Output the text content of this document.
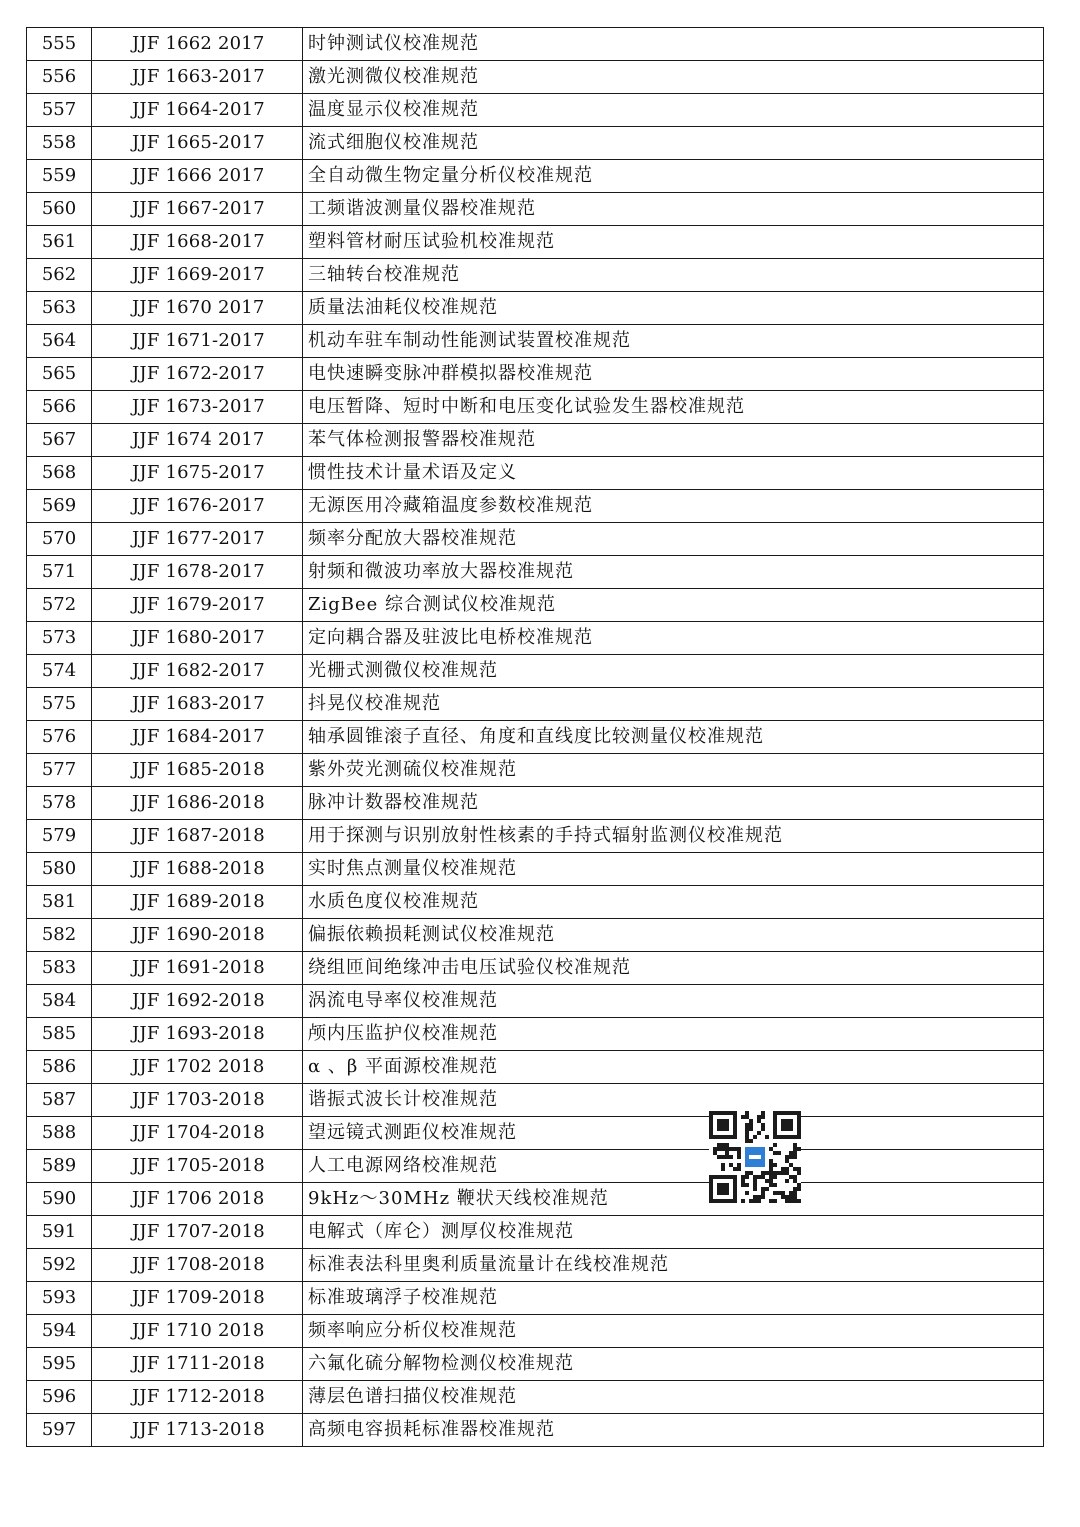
555	JJF 1662 2017	时钟测试仪校准规范
556	JJF 1663-2017	激光测微仪校准规范
557	JJF 1664-2017	温度显示仪校准规范
558	JJF 1665-2017	流式细胞仪校准规范
559	JJF 1666 2017	全自动微生物定量分析仪校准规范
560	JJF 1667-2017	工频谐波测量仪器校准规范
561	JJF 1668-2017	塑料管材耐压试验机校准规范
562	JJF 1669-2017	三轴转台校准规范
563	JJF 1670 2017	质量法油耗仪校准规范
564	JJF 1671-2017	机动车驻车制动性能测试装置校准规范
565	JJF 1672-2017	电快速瞬变脉冲群模拟器校准规范
566	JJF 1673-2017	电压暂降、短时中断和电压变化试验发生器校准规范
567	JJF 1674 2017	苯气体检测报警器校准规范
568	JJF 1675-2017	惯性技术计量术语及定义
569	JJF 1676-2017	无源医用冷藏箱温度参数校准规范
570	JJF 1677-2017	频率分配放大器校准规范
571	JJF 1678-2017	射频和微波功率放大器校准规范
572	JJF 1679-2017	ZigBee 综合测试仪校准规范
573	JJF 1680-2017	定向耦合器及驻波比电桥校准规范
574	JJF 1682-2017	光栅式测微仪校准规范
575	JJF 1683-2017	抖晃仪校准规范
576	JJF 1684-2017	轴承圆锥滚子直径、角度和直线度比较测量仪校准规范
577	JJF 1685-2018	紫外荧光测硫仪校准规范
578	JJF 1686-2018	脉冲计数器校准规范
579	JJF 1687-2018	用于探测与识别放射性核素的手持式辐射监测仪校准规范
580	JJF 1688-2018	实时焦点测量仪校准规范
581	JJF 1689-2018	水质色度仪校准规范
582	JJF 1690-2018	偏振依赖损耗测试仪校准规范
583	JJF 1691-2018	绕组匝间绝缘冲击电压试验仪校准规范
584	JJF 1692-2018	涡流电导率仪校准规范
585	JJF 1693-2018	颅内压监护仪校准规范
586	JJF 1702 2018	α 、β 平面源校准规范
587	JJF 1703-2018	谐振式波长计校准规范
588	JJF 1704-2018	望远镜式测距仪校准规范
589	JJF 1705-2018	人工电源网络校准规范
590	JJF 1706 2018	9kHz～30MHz 鞭状天线校准规范
591	JJF 1707-2018	电解式（库仑）测厚仪校准规范
592	JJF 1708-2018	标准表法科里奥利质量流量计在线校准规范
593	JJF 1709-2018	标准玻璃浮子校准规范
594	JJF 1710 2018	频率响应分析仪校准规范
595	JJF 1711-2018	六氟化硫分解物检测仪校准规范
596	JJF 1712-2018	薄层色谱扫描仪校准规范
597	JJF 1713-2018	高频电容损耗标准器校准规范
